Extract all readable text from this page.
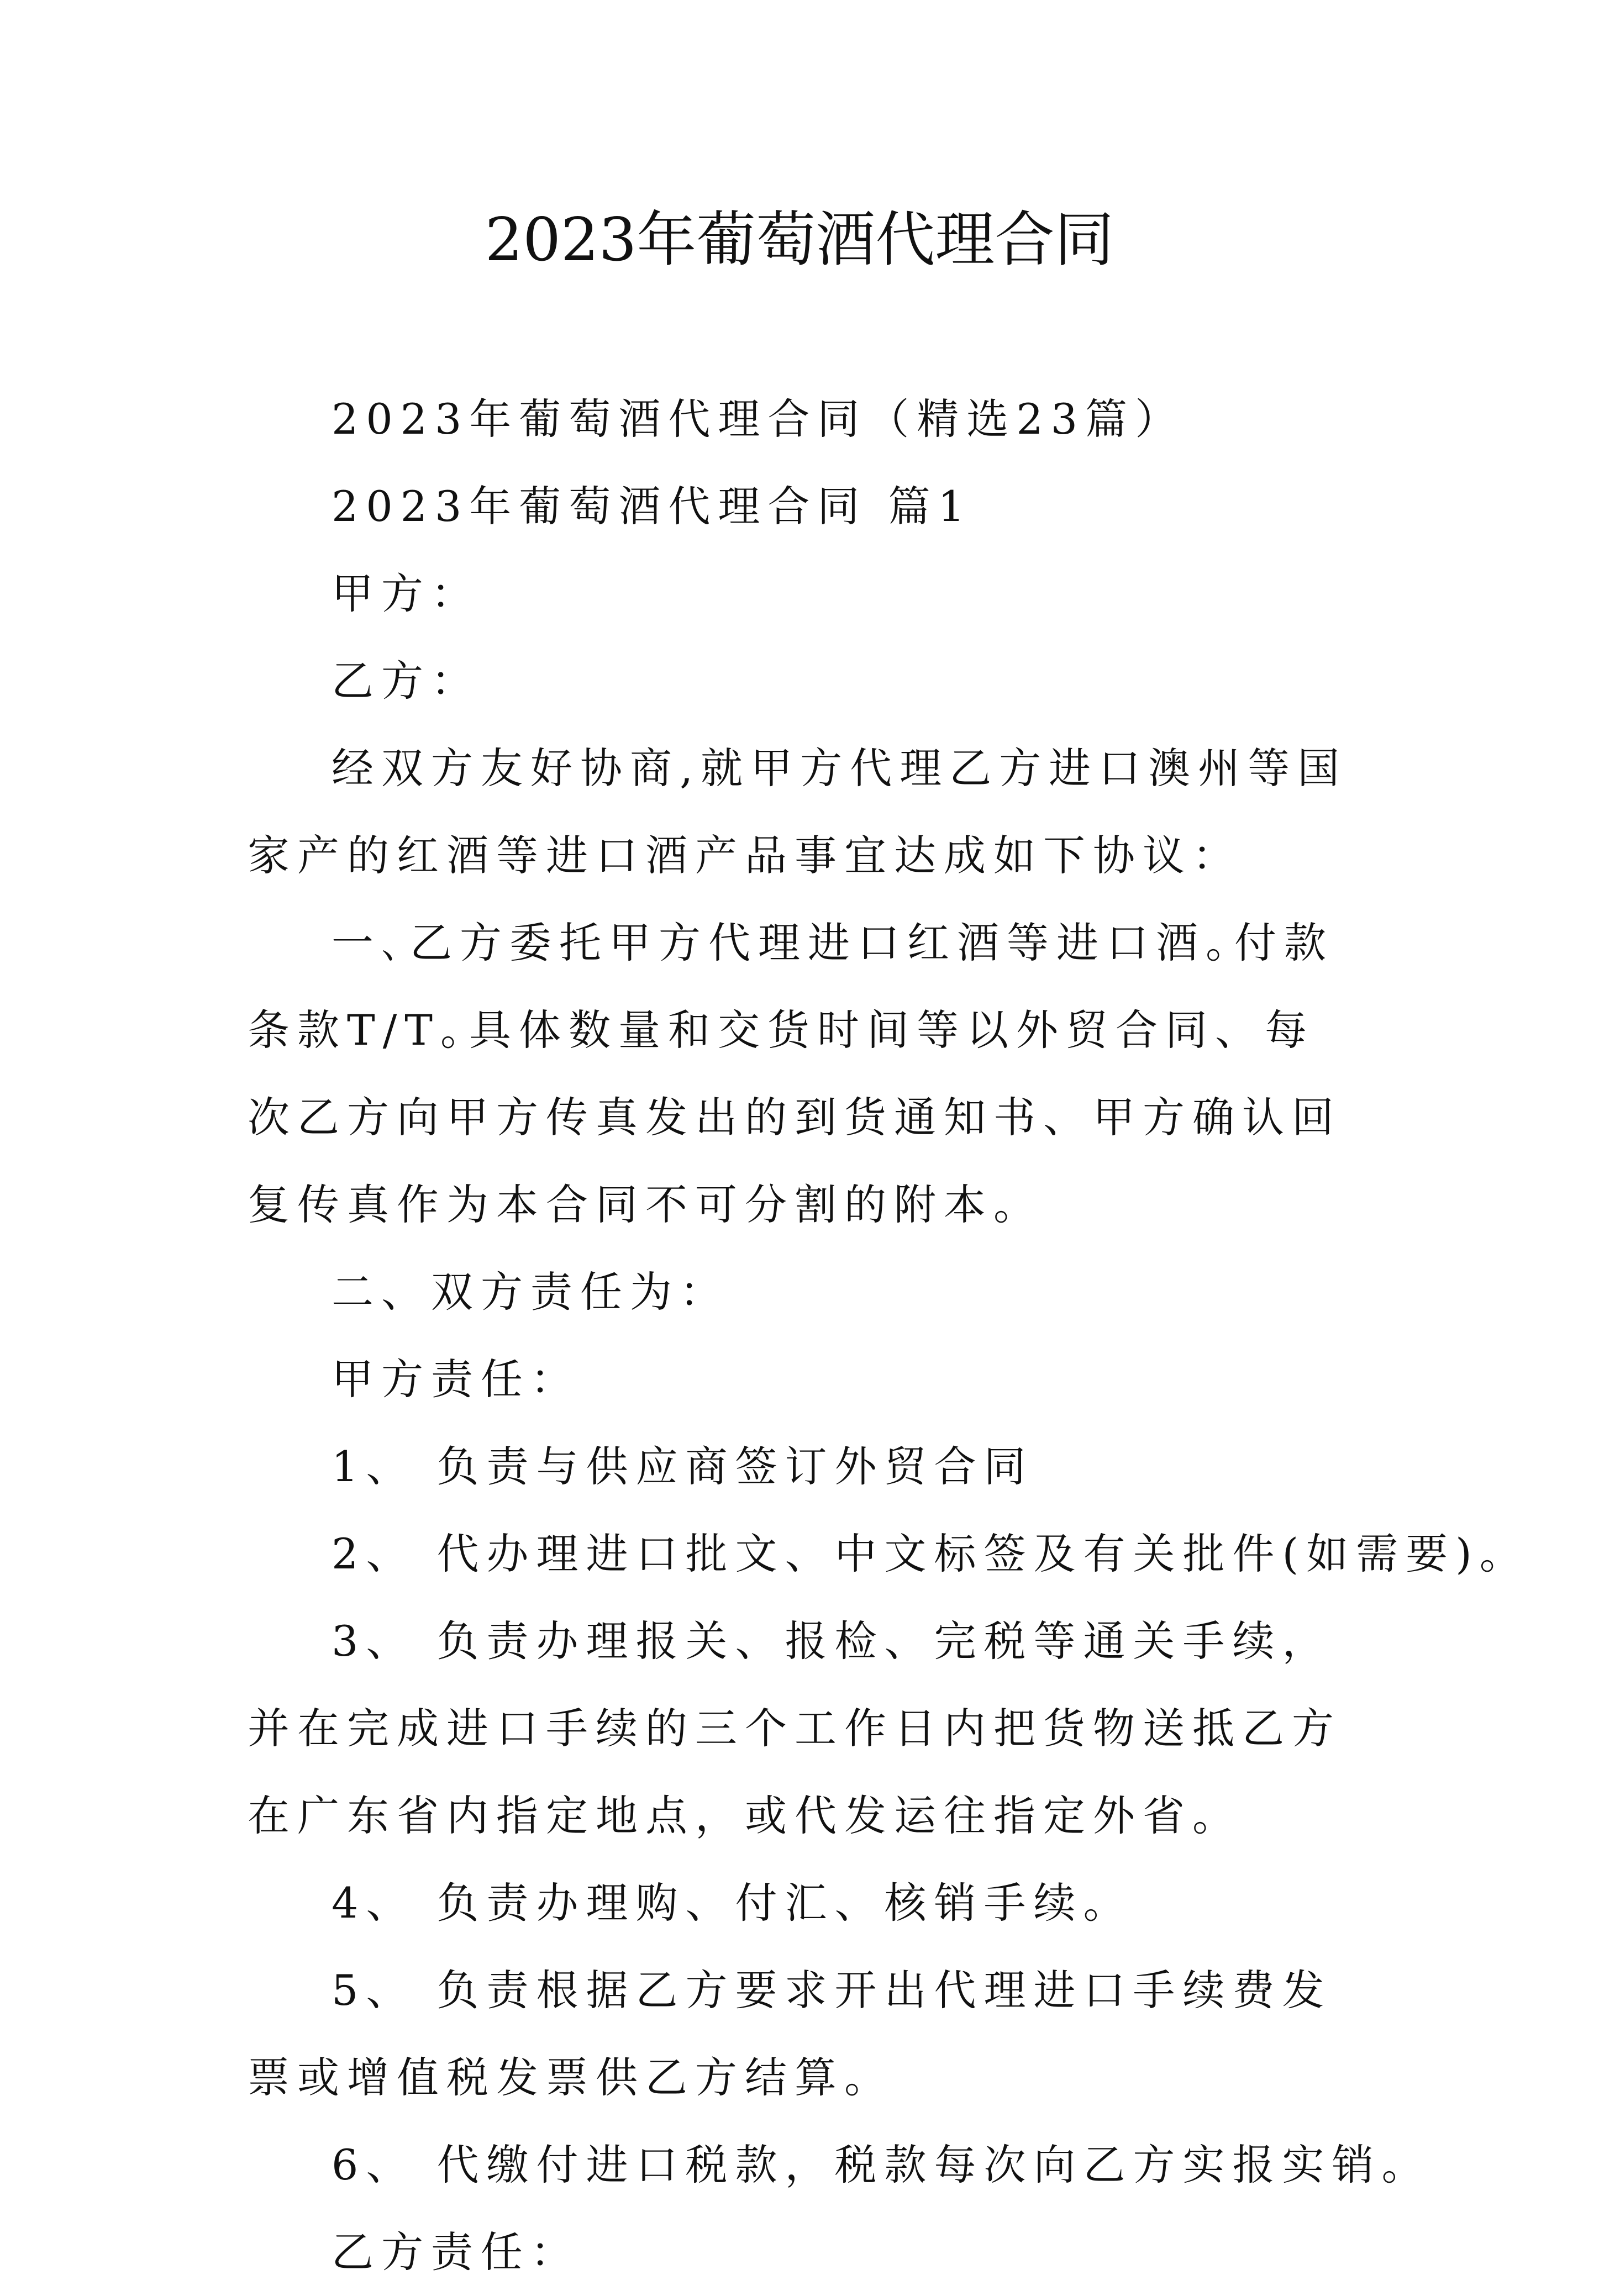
2023年葡萄酒代理合同

2023年葡萄酒代理合同（精选23篇）

2023年葡萄酒代理合同 篇1

甲方：

乙方：

经双方友好协商,就甲方代理乙方进口澳州等国家产的红酒等进口酒产品事宜达成如下协议：

一､乙方委托甲方代理进口红酒等进口酒｡付款条款T/T｡具体数量和交货时间等以外贸合同、每次乙方向甲方传真发出的到货通知书、甲方确认回复传真作为本合同不可分割的附本。

二、双方责任为：

甲方责任：

1、 负责与供应商签订外贸合同

2、 代办理进口批文、中文标签及有关批件(如需要)。

3、 负责办理报关、报检、完税等通关手续，并在完成进口手续的三个工作日内把货物送抵乙方在广东省内指定地点，或代发运往指定外省。

4、 负责办理购、付汇、核销手续。

5、 负责根据乙方要求开出代理进口手续费发票或增值税发票供乙方结算。

6、 代缴付进口税款，税款每次向乙方实报实销。

乙方责任：
